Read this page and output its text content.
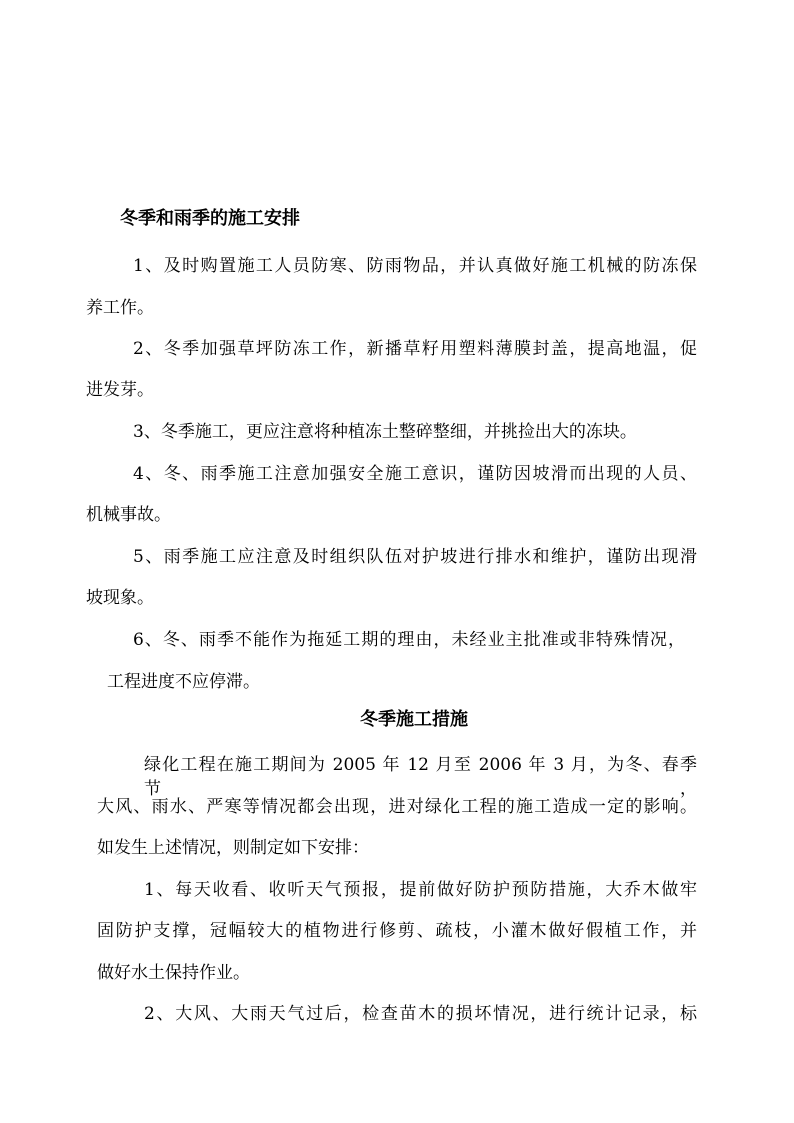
冬季和雨季的施工安排
1、及时购置施工人员防寒、防雨物品，并认真做好施工机械的防冻保
养工作。
2、冬季加强草坪防冻工作，新播草籽用塑料薄膜封盖，提高地温，促
进发芽。
3、冬季施工，更应注意将种植冻土整碎整细，并挑捡出大的冻块。
4、冬、雨季施工注意加强安全施工意识，谨防因坡滑而出现的人员、
机械事故。
5、雨季施工应注意及时组织队伍对护坡进行排水和维护，谨防出现滑
坡现象。
6、冬、雨季不能作为拖延工期的理由，未经业主批准或非特殊情况，
工程进度不应停滞。
冬季施工措施
绿化工程在施工期间为 2005 年 12 月至 2006 年 3 月，为冬、春季节，
大风、雨水、严寒等情况都会出现，进对绿化工程的施工造成一定的影响。
如发生上述情况，则制定如下安排：
1、每天收看、收听天气预报，提前做好防护预防措施，大乔木做牢
固防护支撑，冠幅较大的植物进行修剪、疏枝，小灌木做好假植工作，并
做好水土保持作业。
2、大风、大雨天气过后，检查苗木的损坏情况，进行统计记录，标
